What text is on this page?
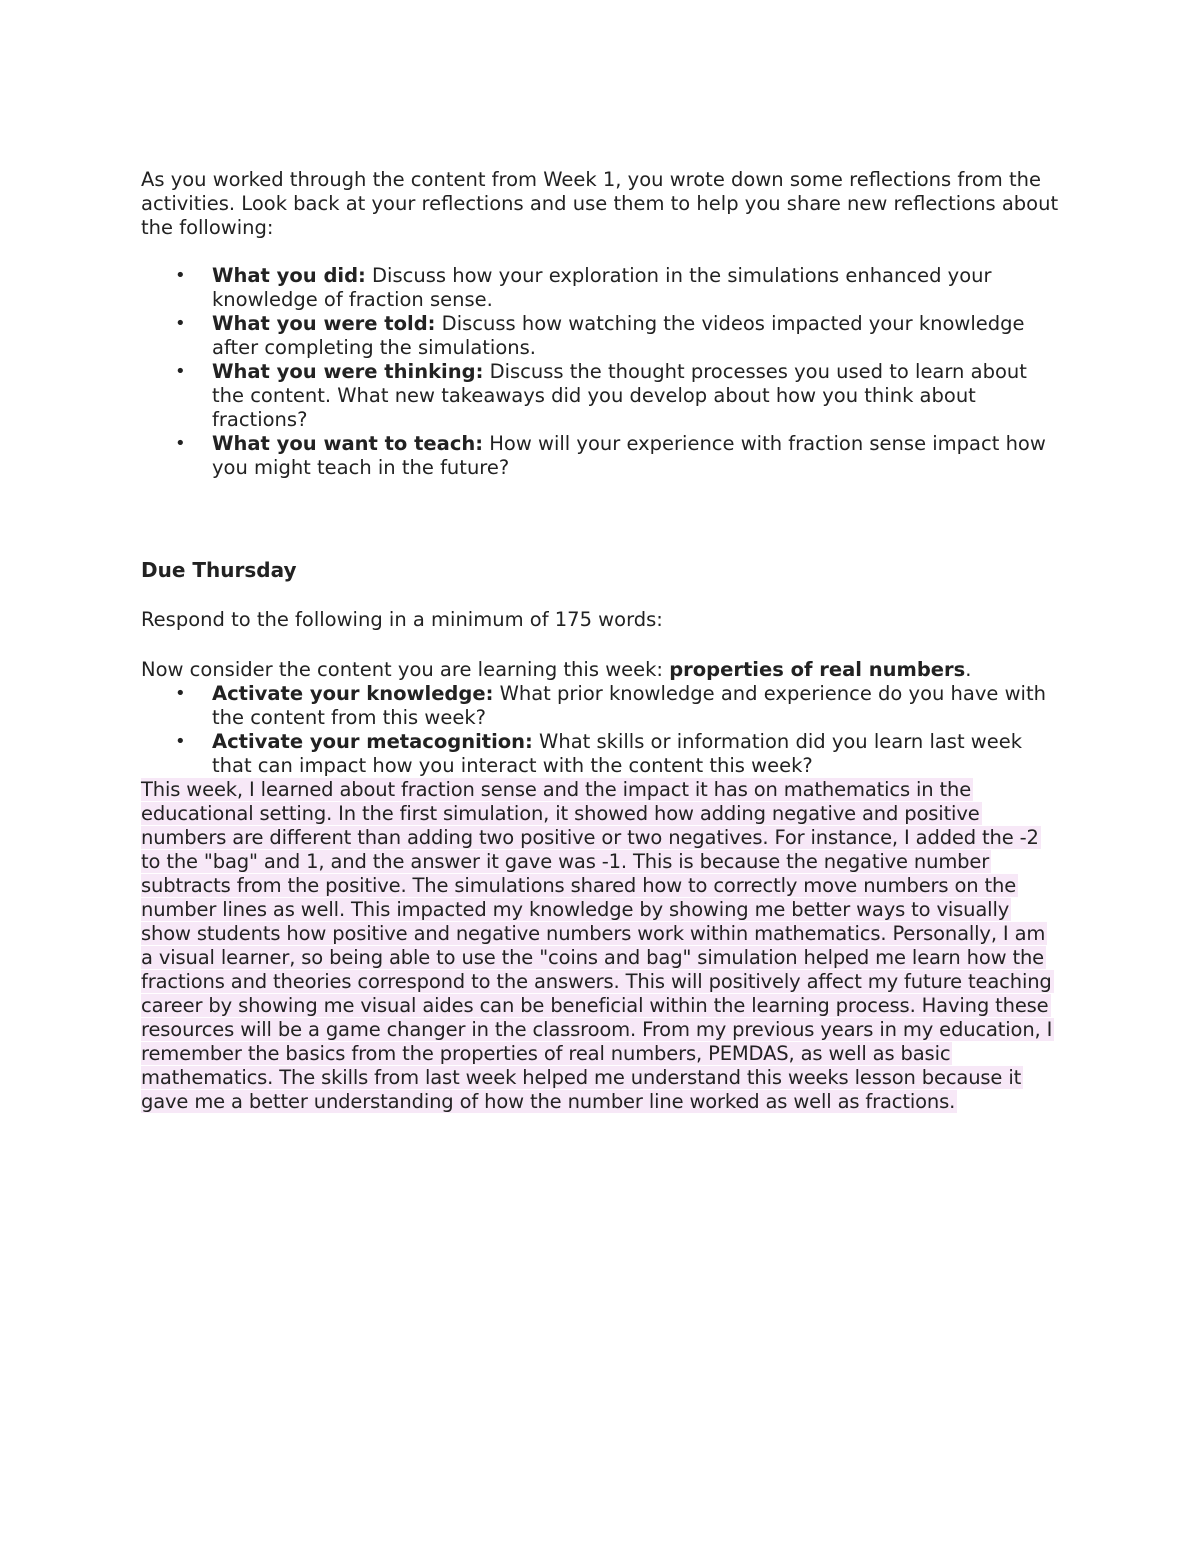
As you worked through the content from Week 1, you wrote down some reflections from the activities. Look back at your reflections and use them to help you share new reflections about the following:

• What you did: Discuss how your exploration in the simulations enhanced your knowledge of fraction sense.
• What you were told: Discuss how watching the videos impacted your knowledge after completing the simulations.
• What you were thinking: Discuss the thought processes you used to learn about the content. What new takeaways did you develop about how you think about fractions?
• What you want to teach: How will your experience with fraction sense impact how you might teach in the future?

Due Thursday

Respond to the following in a minimum of 175 words:

Now consider the content you are learning this week: properties of real numbers.

• Activate your knowledge: What prior knowledge and experience do you have with the content from this week?
• Activate your metacognition: What skills or information did you learn last week that can impact how you interact with the content this week?

This week, I learned about fraction sense and the impact it has on mathematics in the educational setting. In the first simulation, it showed how adding negative and positive numbers are different than adding two positive or two negatives. For instance, I added the -2 to the "bag" and 1, and the answer it gave was -1. This is because the negative number subtracts from the positive. The simulations shared how to correctly move numbers on the number lines as well. This impacted my knowledge by showing me better ways to visually show students how positive and negative numbers work within mathematics. Personally, I am a visual learner, so being able to use the "coins and bag" simulation helped me learn how the fractions and theories correspond to the answers. This will positively affect my future teaching career by showing me visual aides can be beneficial within the learning process. Having these resources will be a game changer in the classroom. From my previous years in my education, I remember the basics from the properties of real numbers, PEMDAS, as well as basic mathematics. The skills from last week helped me understand this weeks lesson because it gave me a better understanding of how the number line worked as well as fractions.
